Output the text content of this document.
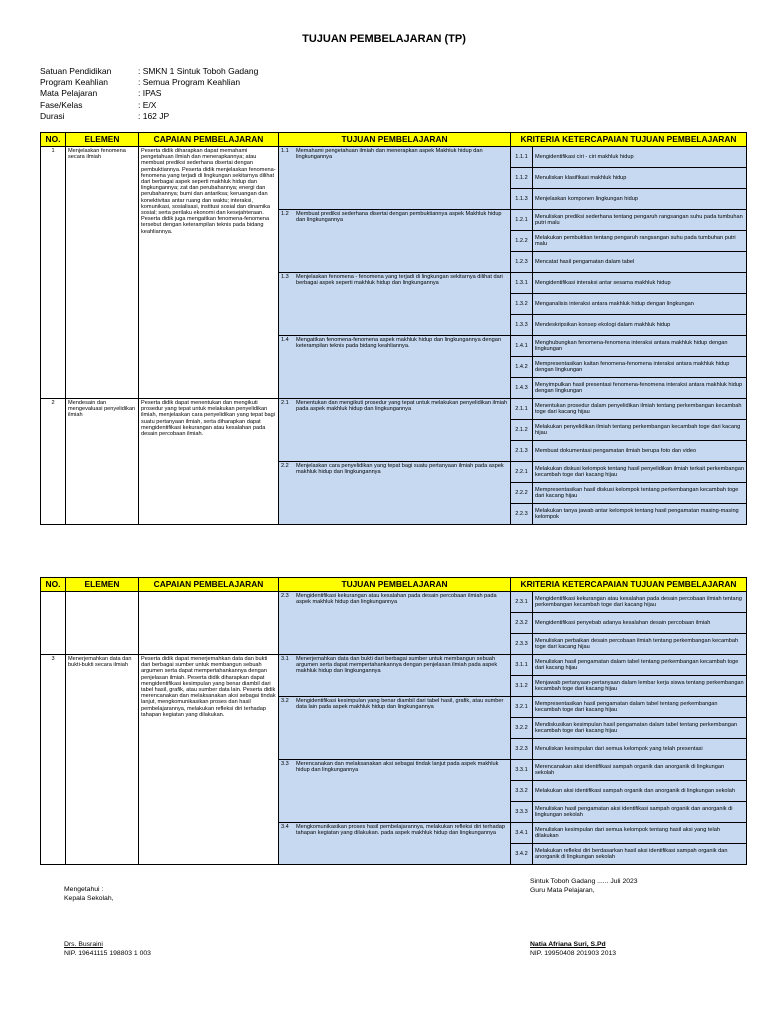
TUJUAN PEMBELAJARAN (TP)
Satuan Pendidikan	: SMKN 1 Sintuk Toboh Gadang
Program Keahlian	: Semua Program Keahlian
Mata Pelajaran	: IPAS
Fase/Kelas	: E/X
Durasi	: 162 JP
NO.	ELEMEN	CAPAIAN PEMBELAJARAN	TUJUAN PEMBELAJARAN	KRITERIA KETERCAPAIAN TUJUAN PEMBELAJARAN	
1	Menjelaskan fenomena secara ilmiah	Peserta didik diharapkan dapat memahami pengetahuan ilmiah dan menerapkannya; atau membuat prediksi sederhana disertai dengan pembuktiannya. Peserta didik menjelaskan fenomena-fenomena yang terjadi di lingkungan sekitarnya dilihat dari berbagai aspek seperti makhluk hidup dan lingkungannya; zat dan perubahannya; energi dan perubahannya; bumi dan antariksa; keruangan dan konektivitas antar ruang dan waktu; interaksi, komunikasi, sosialisasi, institusi sosial dan dinamika sosial; serta perilaku ekonomi dan kesejahteraan. Peserta didik juga mengaitkan fenomena-fenomena tersebut dengan keterampilan teknis pada bidang keahliannya.	1.1 Memahami pengetahuan ilmiah dan menerapkan aspek Makhluk hidup dan lingkungannya	1.1.1	Mengidentifikasi ciri - ciri makhluk hidup
				1.1.2	Menuliskan klasifikasi makhluk hidup
				1.1.3	Menjelaskan komponen lingkungan hidup

			1.2 Membuat prediksi sederhana disertai dengan pembuktiannya aspek Makhluk hidup dan lingkungannya	1.2.1	Menuliskan prediksi sederhana tentang pengaruh rangsangan suhu pada tumbuhan putri malu
				1.2.2	Melakukan pembuktian tentang pengaruh rangsangan suhu pada tumbuhan putri malu
				1.2.3	Mencatat hasil pengamatan dalam tabel

			1.3 Menjelaskan fenomena - fenomena yang terjadi di lingkungan sekitarnya dilihat dari berbagai aspek seperti makhluk hidup dan lingkungannya	1.3.1	Mengidentifikasi interaksi antar sesama makhluk hidup
				1.3.2	Menganalisis interaksi antara makhluk hidup dengan lingkungan
				1.3.3	Mendeskripsikan konsep ekologi dalam makhluk hidup

			1.4 Mengaitkan fenomena-fenomena aspek makhluk hidup dan lingkungannya dengan keterampilan teknis pada bidang keahliannya.	1.4.1	Menghubungkan fenomena-fenomena interaksi antara makhluk hidup dengan lingkungan
				1.4.2	Mempresentasikan kaitan fenomena-fenomena interaksi antara makhluk hidup dengan lingkungan
				1.4.3	Menyimpulkan hasil presentasi fenomena-fenomena interaksi antara makhluk hidup dengan lingkungan
2	Mendesain dan mengevaluasi penyelidikan ilmiah	Peserta didik dapat menentukan dan mengikuti prosedur yang tepat untuk melakukan penyelidikan ilmiah, menjelaskan cara penyelidikan yang tepat bagi suatu pertanyaan ilmiah, serta diharapkan dapat mengidentifikasi kekurangan atau kesalahan pada desain percobaan ilmiah.	2.1 Menentukan dan mengikuti prosedur yang tepat untuk melakukan penyelidikan ilmiah pada aspek makhluk hidup dan lingkungannya	2.1.1	Menentukan prosedur dalam penyelidikan ilmiah tentang perkembangan kecambah toge dari kacang hijau
				2.1.2	Melakukan penyelidikan ilmiah tentang perkembangan kecambah toge dari kacang hijau
				2.1.3	Membuat dokumentasi pengamatan ilmiah berupa foto dan video

			2.2 Menjelaskan cara penyelidikan yang tepat bagi suatu pertanyaan ilmiah pada aspek makhluk hidup dan lingkungannya	2.2.1	Melakukan diskusi kelompok tentang hasil penyelidikan ilmiah terkait perkembangan kecambah toge dari kacang hijau
				2.2.2	Mempresentasikan hasil diskusi kelompok tentang perkembangan kecambah toge dari kacang hijau
				2.2.3	Melakukan tanya jawab antar kelompok tentang hasil pengamatan masing-masing kelompok
NO.	ELEMEN	CAPAIAN PEMBELAJARAN	TUJUAN PEMBELAJARAN	KRITERIA KETERCAPAIAN TUJUAN PEMBELAJARAN	

			2.3 Mengidentifikasi kekurangan atau kesalahan pada desain percobaan ilmiah pada aspek makhluk hidup dan lingkungannya	2.3.1	Mengidentifikasi kekurangan atau kesalahan pada desain percobaan ilmiah tentang perkembangan kecambah toge dari kacang hijau
				2.3.2	Mengidentifikasi penyebab adanya kesalahan desain percobaan ilmiah
				2.3.3	Menuliskan perbaikan desain percobaan ilmiah tentang perkembangan kecambah toge dari kacang hijau
3	Menerjemahkan data dan bukti-bukti secara ilmiah	Peserta didik dapat menerjemahkan data dan bukti dari berbagai sumber untuk membangun sebuah argumen serta dapat mempertahankannya dengan penjelasan ilmiah. Peserta didik diharapkan dapat mengidentifikasi kesimpulan yang benar diambil dari tabel hasil, grafik, atau sumber data lain. Peserta didik merencanakan dan melaksanakan aksi sebagai tindak lanjut, mengkomunikasikan proses dan hasil pembelajarannya, melakukan refleksi diri terhadap tahapan kegiatan yang dilakukan.	3.1 Menerjemahkan data dan bukti dari berbagai sumber untuk membangun sebuah argumen serta dapat mempertahankannya dengan penjelasan ilmiah pada aspek makhluk hidup dan lingkungannya	3.1.1	Menuliskan hasil pengamatan dalam tabel tentang perkembangan kecambah toge dari kacang hijau
				3.1.2	Menjawab pertanyaan-pertanyaan dalam lembar kerja siswa tentang perkembangan kecambah toge dari kacang hijau

			3.2 Mengidentifikasi kesimpulan yang benar diambil dari tabel hasil, grafik, atau sumber data lain pada aspek makhluk hidup dan lingkungannya	3.2.1	Mempresentasikan hasil pengamatan dalam tabel tentang perkembangan kecambah toge dari kacang hijau
				3.2.2	Mendiskusikan kesimpulan hasil pengamatan dalam tabel tentang perkembangan kecambah toge dari kacang hijau
				3.2.3	Menuliskan kesimpulan dari semua kelompok yang telah presentasi

			3.3 Merencanakan dan melaksanakan aksi sebagai tindak lanjut pada aspek makhluk hidup dan lingkungannya	3.3.1	Merencanakan aksi identifikasi sampah organik dan anorganik di lingkungan sekolah
				3.3.2	Melakukan aksi identifikasi sampah organik dan anorganik di lingkungan sekolah
				3.3.3	Menuliskan hasil pengamatan aksi identifikasi sampah organik dan anorganik di lingkungan sekolah

			3.4 Mengkomunikasikan proses hasil pembelajarannya, melakukan refleksi diri terhadap tahapan kegiatan yang dilakukan. pada aspek makhluk hidup dan lingkungannya	3.4.1	Menuliskan kesimpulan dari semua kelompok tentang hasil aksi yang telah dilakukan
				3.4.2	Melakukan refleksi diri berdasarkan hasil aksi identifikasi sampah organik dan anorganik di lingkungan sekolah
Mengetahui :
Kepala Sekolah,
Drs. Busraini
NIP. 19641115 198803 1 003
Sintuk Toboh Gadang ...... Juli 2023
Guru Mata Pelajaran,
Natia Afriana Suri, S.Pd
NIP. 19950408 201903 2013
